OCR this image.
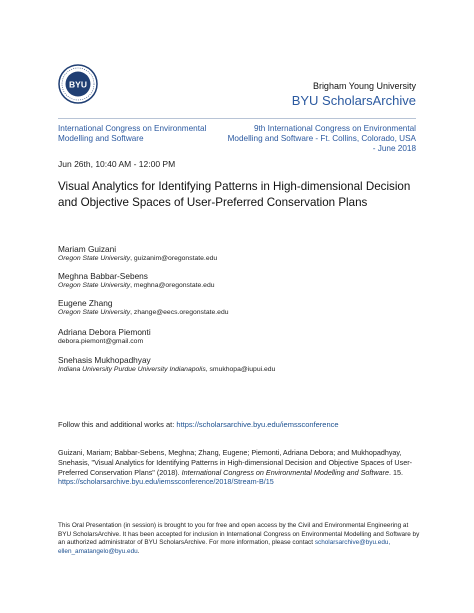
BYU	Brigham Young University
BYU ScholarsArchive
International Congress on Environmental Modelling and Software
9th International Congress on Environmental Modelling and Software - Ft. Collins, Colorado, USA - June 2018
Jun 26th, 10:40 AM - 12:00 PM
Visual Analytics for Identifying Patterns in High-dimensional Decision and Objective Spaces of User-Preferred Conservation Plans
Mariam Guizani
Oregon State University, guizanim@oregonstate.edu
Meghna Babbar-Sebens
Oregon State University, meghna@oregonstate.edu
Eugene Zhang
Oregon State University, zhange@eecs.oregonstate.edu
Adriana Debora Piemonti
debora.piemont@gmail.com
Snehasis Mukhopadhyay
Indiana University Purdue University Indianapolis, smukhopa@iupui.edu
Follow this and additional works at: https://scholarsarchive.byu.edu/iemssconference
Guizani, Mariam; Babbar-Sebens, Meghna; Zhang, Eugene; Piemonti, Adriana Debora; and Mukhopadhyay, Snehasis, "Visual Analytics for Identifying Patterns in High-dimensional Decision and Objective Spaces of User-Preferred Conservation Plans" (2018). International Congress on Environmental Modelling and Software. 15.
https://scholarsarchive.byu.edu/iemssconference/2018/Stream-B/15
This Oral Presentation (in session) is brought to you for free and open access by the Civil and Environmental Engineering at BYU ScholarsArchive. It has been accepted for inclusion in International Congress on Environmental Modelling and Software by an authorized administrator of BYU ScholarsArchive. For more information, please contact scholarsarchive@byu.edu, ellen_amatangelo@byu.edu.
